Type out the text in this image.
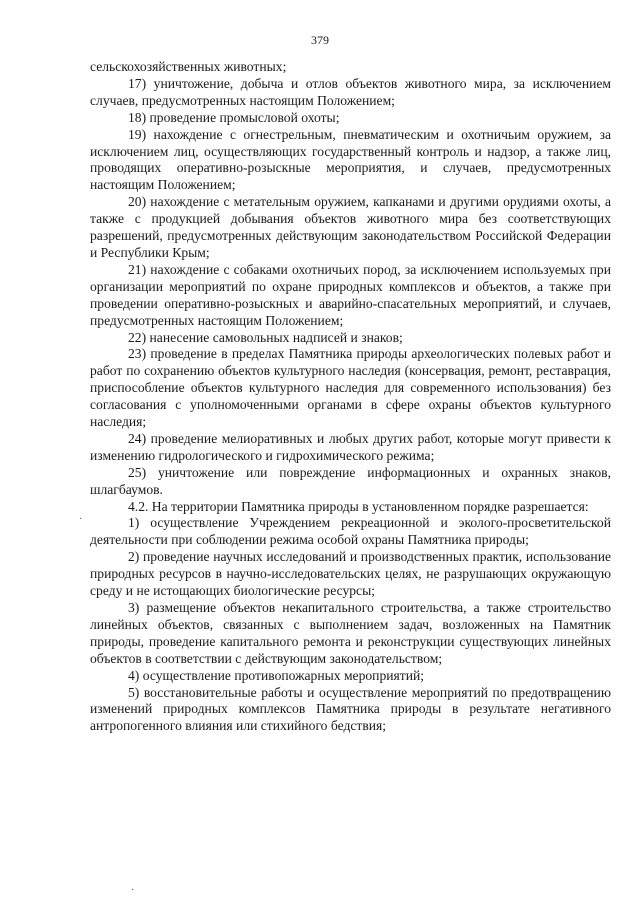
379

сельскохозяйственных животных;

17) уничтожение, добыча и отлов объектов животного мира, за исключением случаев, предусмотренных настоящим Положением;

18) проведение промысловой охоты;

19) нахождение с огнестрельным, пневматическим и охотничьим оружием, за исключением лиц, осуществляющих государственный контроль и надзор, а также лиц, проводящих оперативно-розыскные мероприятия, и случаев, предусмотренных настоящим Положением;

20) нахождение с метательным оружием, капканами и другими орудиями охоты, а также с продукцией добывания объектов животного мира без соответствующих разрешений, предусмотренных действующим законодательством Российской Федерации и Республики Крым;

21) нахождение с собаками охотничьих пород, за исключением используемых при организации мероприятий по охране природных комплексов и объектов, а также при проведении оперативно-розыскных и аварийно-спасательных мероприятий, и случаев, предусмотренных настоящим Положением;

22) нанесение самовольных надписей и знаков;

23) проведение в пределах Памятника природы археологических полевых работ и работ по сохранению объектов культурного наследия (консервация, ремонт, реставрация, приспособление объектов культурного наследия для современного использования) без согласования с уполномоченными органами в сфере охраны объектов культурного наследия;

24) проведение мелиоративных и любых других работ, которые могут привести к изменению гидрологического и гидрохимического режима;

25) уничтожение или повреждение информационных и охранных знаков, шлагбаумов.

4.2. На территории Памятника природы в установленном порядке разрешается:

1) осуществление Учреждением рекреационной и эколого-просветительской деятельности при соблюдении режима особой охраны Памятника природы;

2) проведение научных исследований и производственных практик, использование природных ресурсов в научно-исследовательских целях, не разрушающих окружающую среду и не истощающих биологические ресурсы;

3) размещение объектов некапитального строительства, а также строительство линейных объектов, связанных с выполнением задач, возложенных на Памятник природы, проведение капитального ремонта и реконструкции существующих линейных объектов в соответствии с действующим законодательством;

4) осуществление противопожарных мероприятий;

5) восстановительные работы и осуществление мероприятий по предотвращению изменений природных комплексов Памятника природы в результате негативного антропогенного влияния или стихийного бедствия;

·
·
